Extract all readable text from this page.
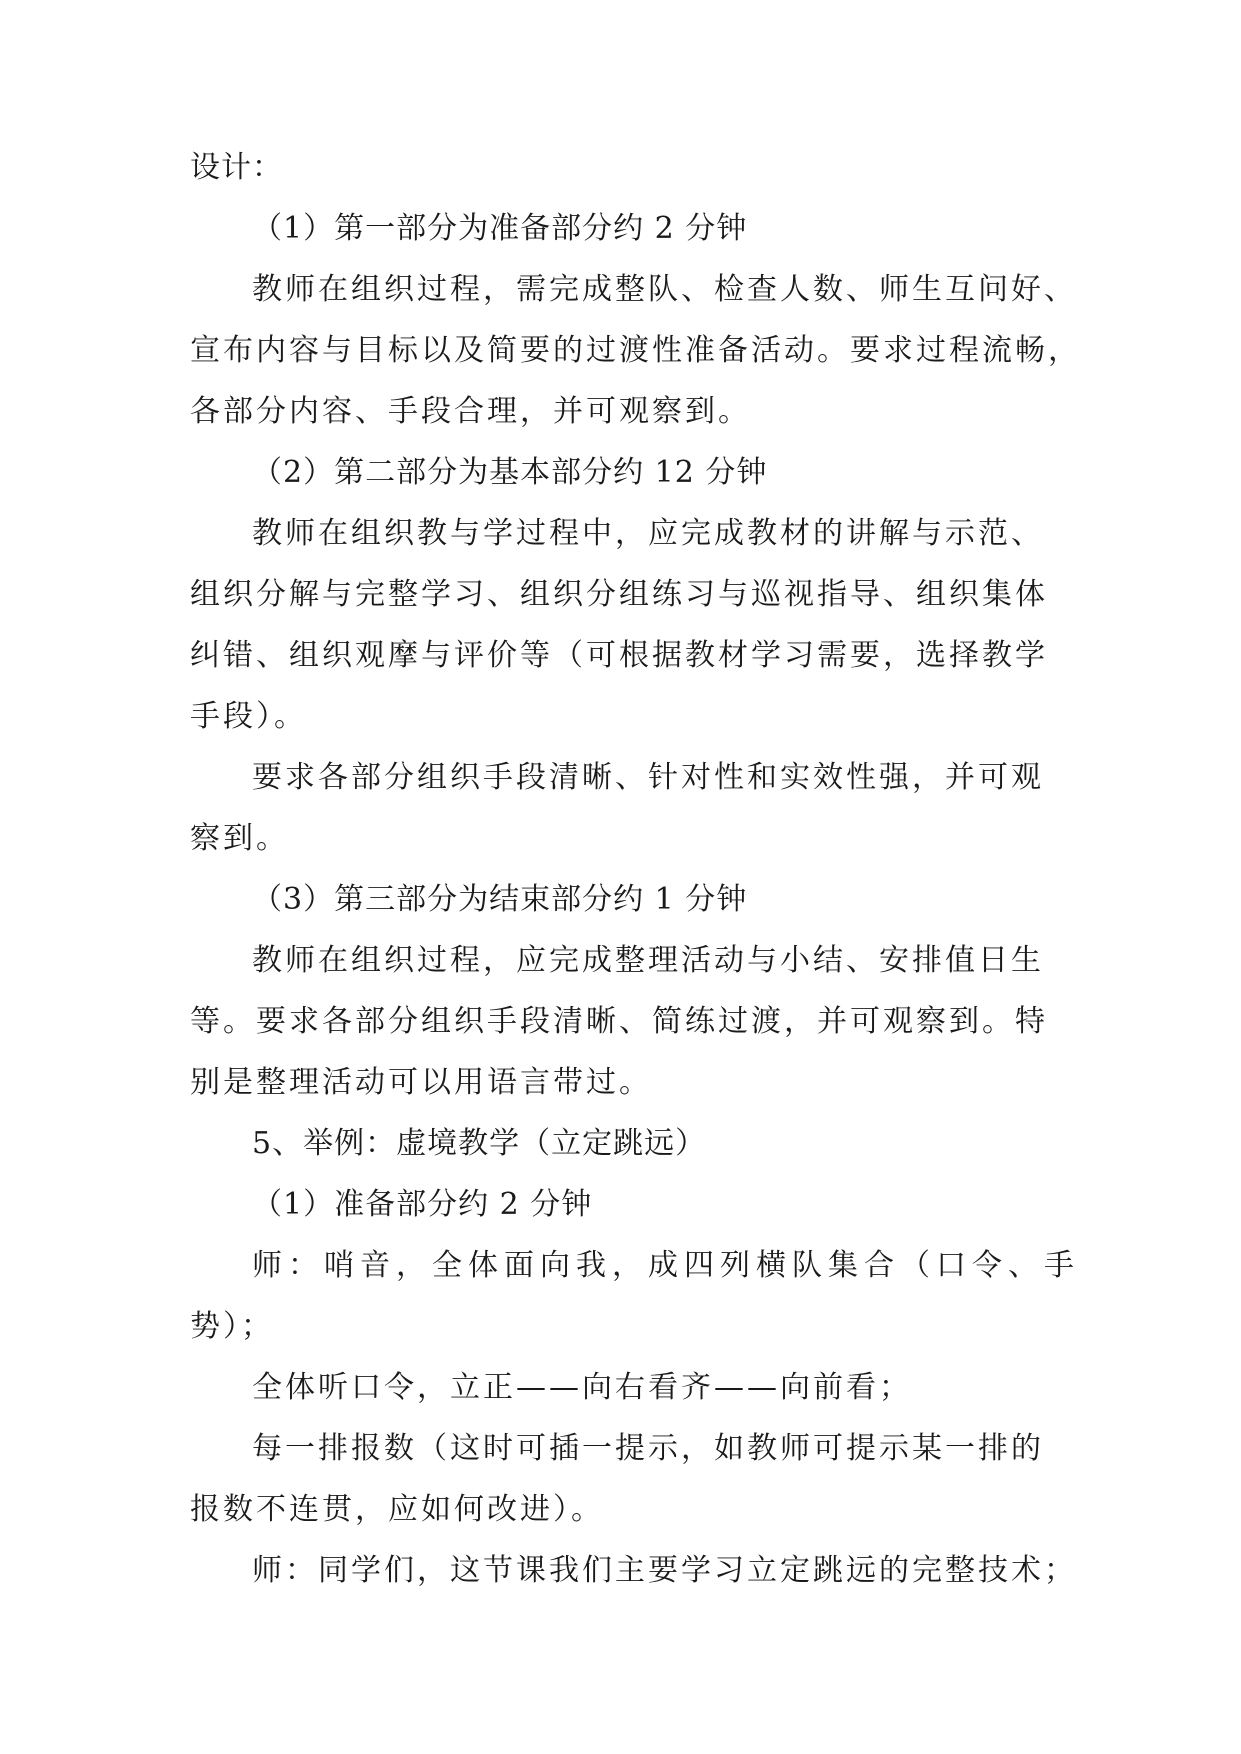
设计：
（1）第一部分为准备部分约 2 分钟
教师在组织过程，需完成整队、检查人数、师生互问好、
宣布内容与目标以及简要的过渡性准备活动。要求过程流畅，
各部分内容、手段合理，并可观察到。
（2）第二部分为基本部分约 12 分钟
教师在组织教与学过程中，应完成教材的讲解与示范、
组织分解与完整学习、组织分组练习与巡视指导、组织集体
纠错、组织观摩与评价等（可根据教材学习需要，选择教学
手段）。
要求各部分组织手段清晰、针对性和实效性强，并可观
察到。
（3）第三部分为结束部分约 1 分钟
教师在组织过程，应完成整理活动与小结、安排值日生
等。要求各部分组织手段清晰、简练过渡，并可观察到。特
别是整理活动可以用语言带过。
5、举例：虚境教学（立定跳远）
（1）准备部分约 2 分钟
师：哨音，全体面向我，成四列横队集合（口令、手
势）；
全体听口令，立正——向右看齐——向前看；
每一排报数（这时可插一提示，如教师可提示某一排的
报数不连贯，应如何改进）。
师：同学们，这节课我们主要学习立定跳远的完整技术；
